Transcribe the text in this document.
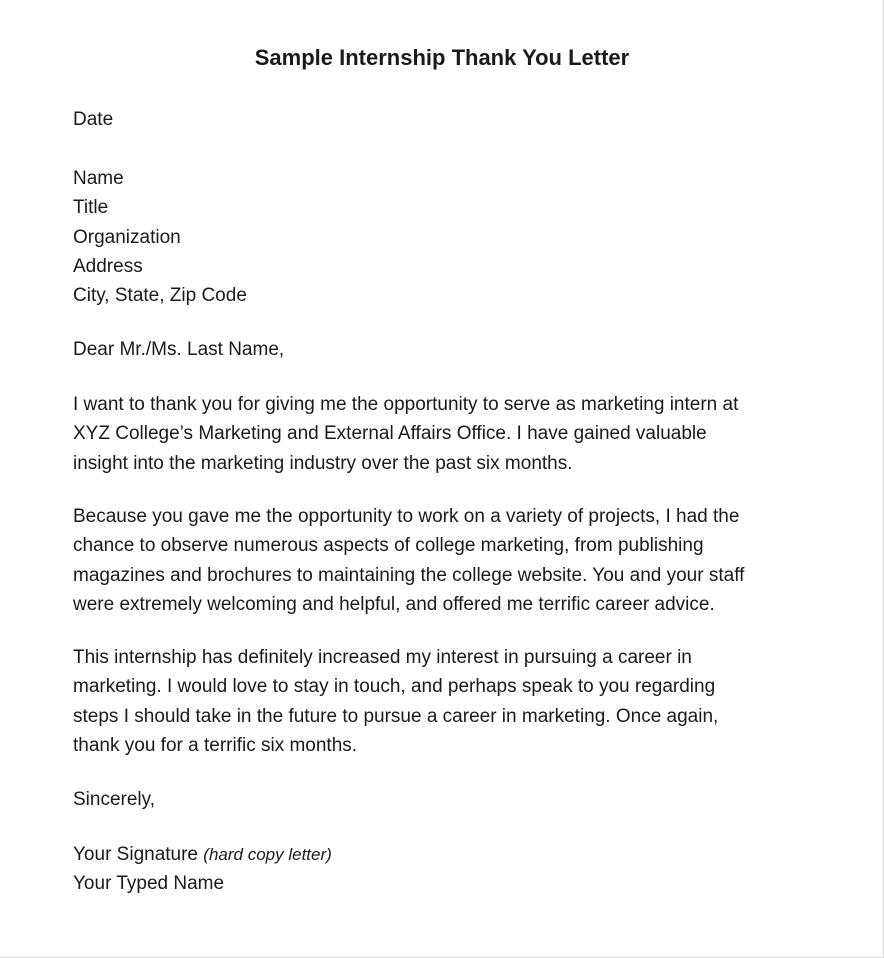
Sample Internship Thank You Letter

Date

Name
Title
Organization
Address
City, State, Zip Code

Dear Mr./Ms. Last Name,

I want to thank you for giving me the opportunity to serve as marketing intern at
XYZ College’s Marketing and External Affairs Office. I have gained valuable
insight into the marketing industry over the past six months.

Because you gave me the opportunity to work on a variety of projects, I had the
chance to observe numerous aspects of college marketing, from publishing
magazines and brochures to maintaining the college website. You and your staff
were extremely welcoming and helpful, and offered me terrific career advice.

This internship has definitely increased my interest in pursuing a career in
marketing. I would love to stay in touch, and perhaps speak to you regarding
steps I should take in the future to pursue a career in marketing. Once again,
thank you for a terrific six months.

Sincerely,

Your Signature (hard copy letter)
Your Typed Name
